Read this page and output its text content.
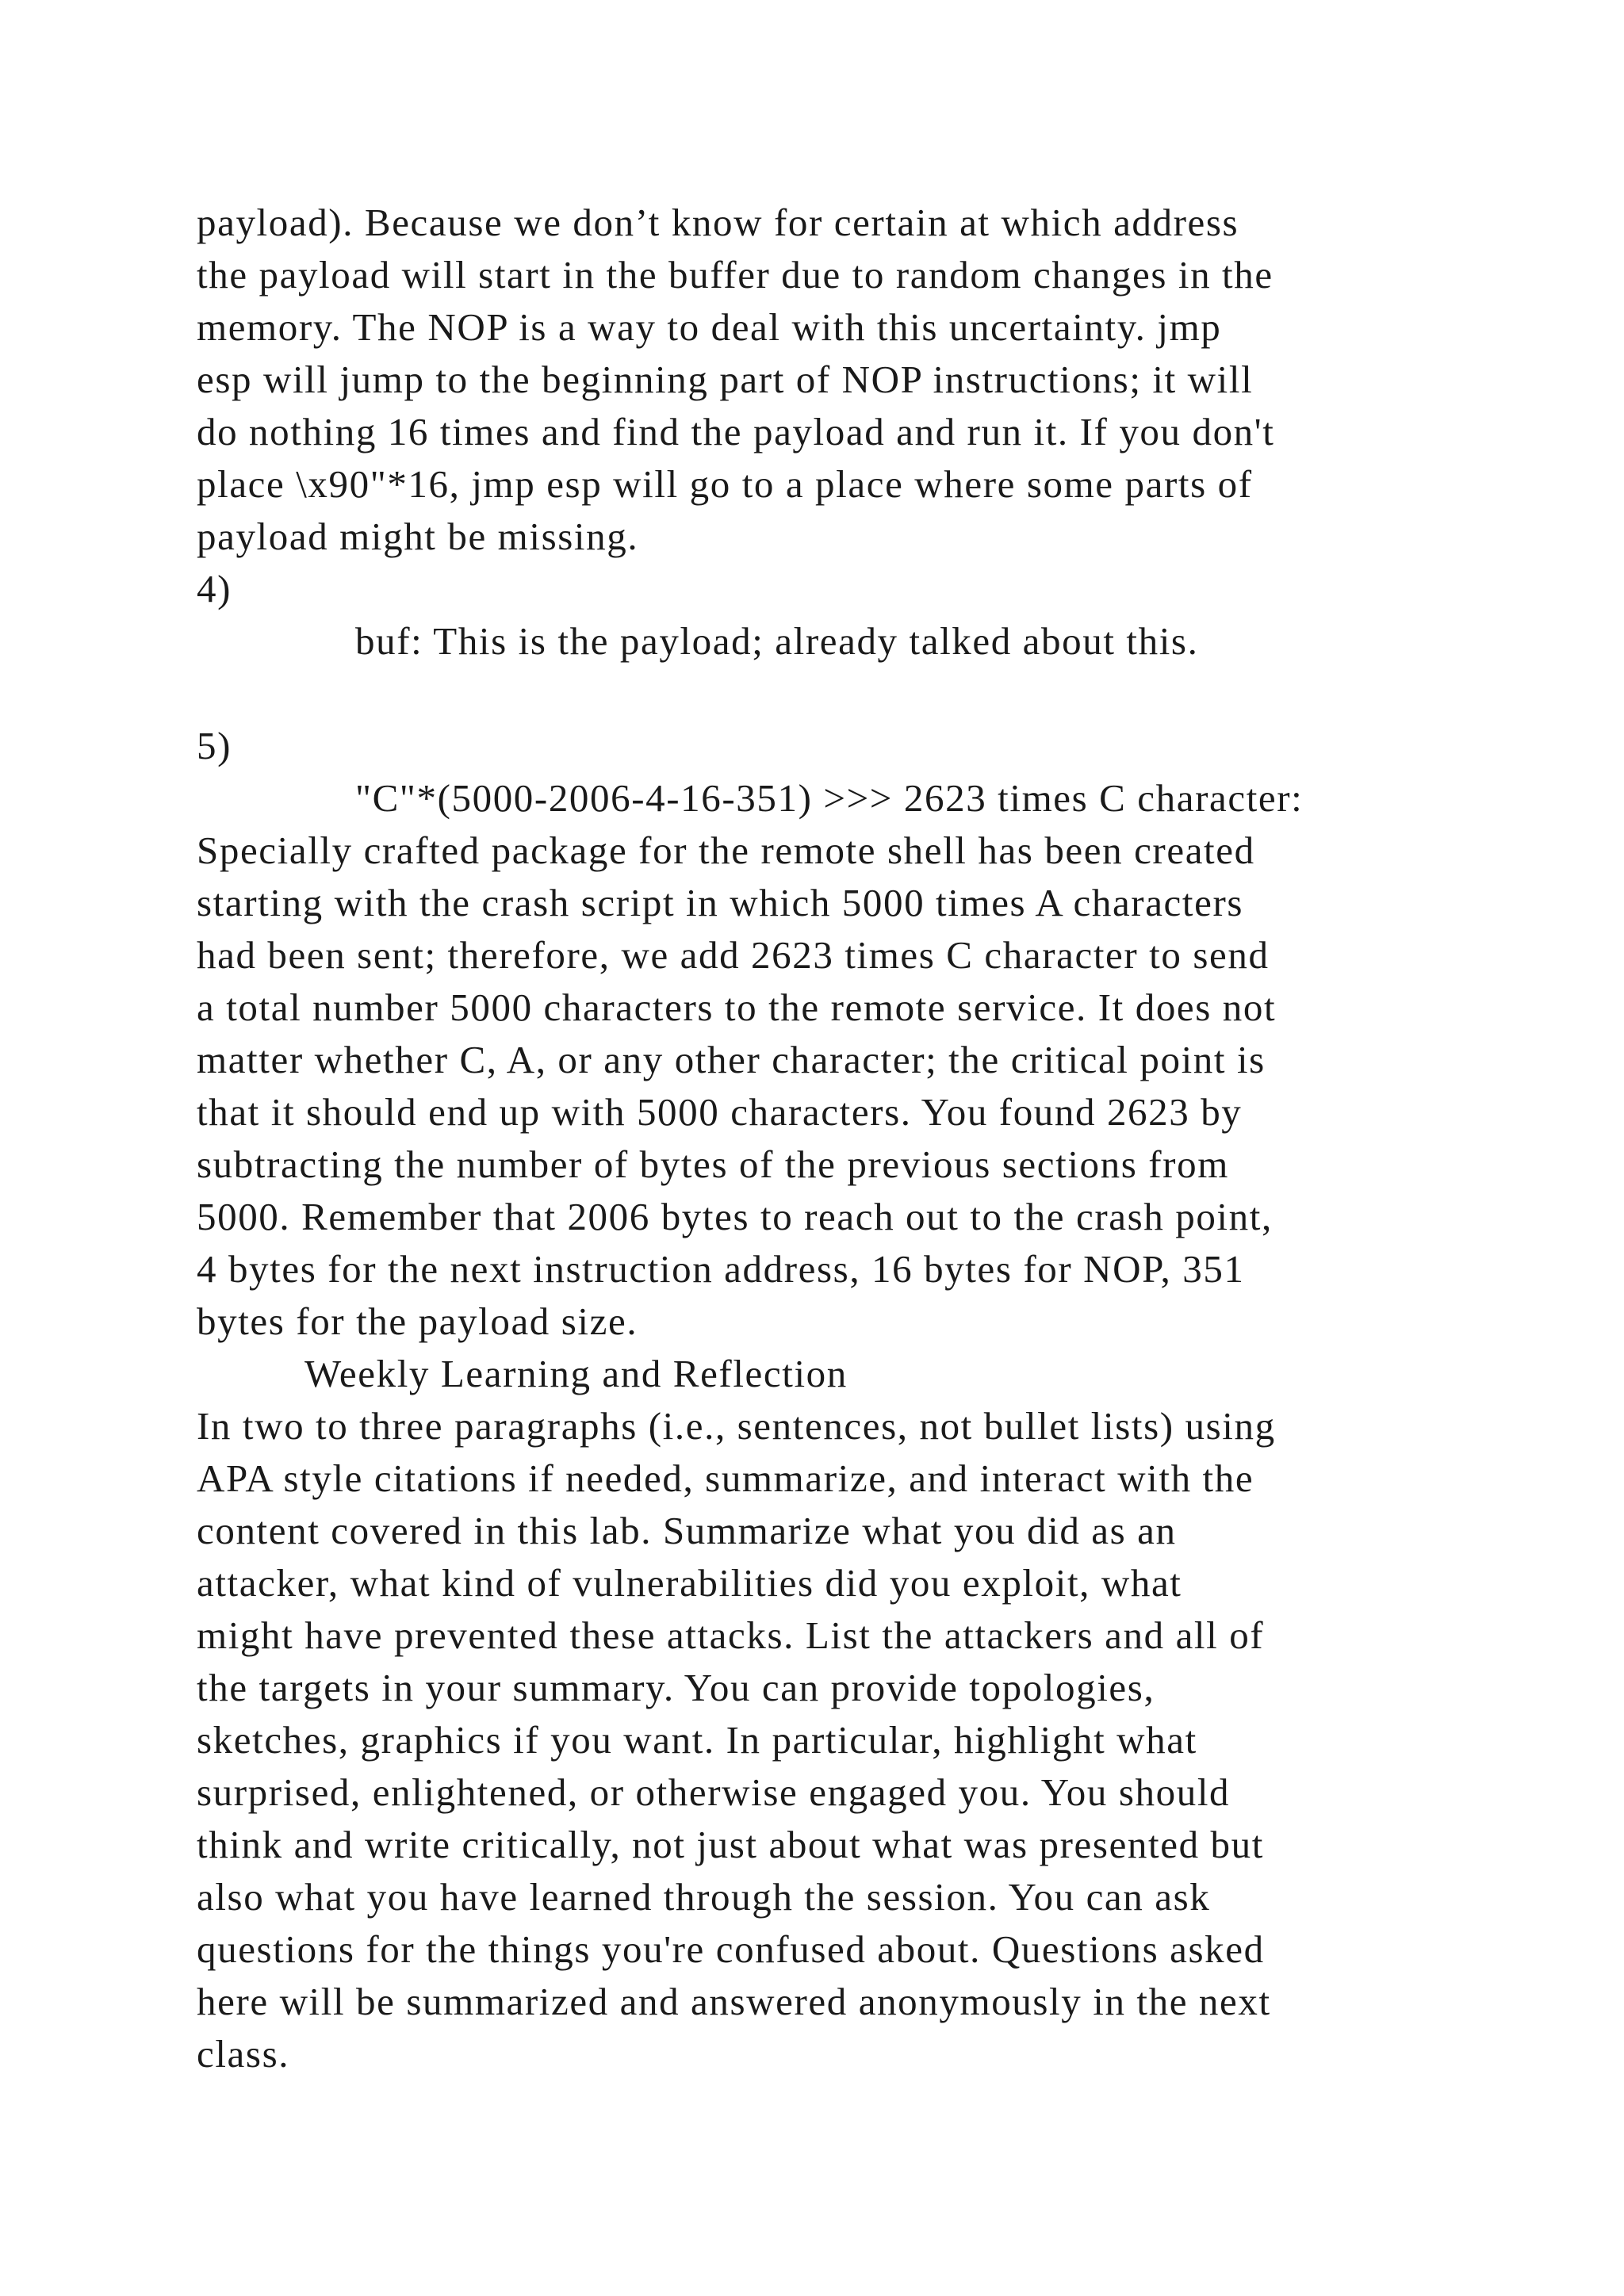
payload). Because we don’t know for certain at which address
the payload will start in the buffer due to random changes in the
memory. The NOP is a way to deal with this uncertainty. jmp
esp will jump to the beginning part of NOP instructions; it will
do nothing 16 times and find the payload and run it. If you don't
place \x90"*16, jmp esp will go to a place where some parts of
payload might be missing.
4)
buf: This is the payload; already talked about this.
5)
"C"*(5000-2006-4-16-351) >>> 2623 times C character:
Specially crafted package for the remote shell has been created
starting with the crash script in which 5000 times A characters
had been sent; therefore, we add 2623 times C character to send
a total number 5000 characters to the remote service. It does not
matter whether C, A, or any other character; the critical point is
that it should end up with 5000 characters. You found 2623 by
subtracting the number of bytes of the previous sections from
5000. Remember that 2006 bytes to reach out to the crash point,
4 bytes for the next instruction address, 16 bytes for NOP, 351
bytes for the payload size.
Weekly Learning and Reflection
In two to three paragraphs (i.e., sentences, not bullet lists) using
APA style citations if needed, summarize, and interact with the
content covered in this lab. Summarize what you did as an
attacker, what kind of vulnerabilities did you exploit, what
might have prevented these attacks. List the attackers and all of
the targets in your summary. You can provide topologies,
sketches, graphics if you want. In particular, highlight what
surprised, enlightened, or otherwise engaged you. You should
think and write critically, not just about what was presented but
also what you have learned through the session. You can ask
questions for the things you're confused about. Questions asked
here will be summarized and answered anonymously in the next
class.
